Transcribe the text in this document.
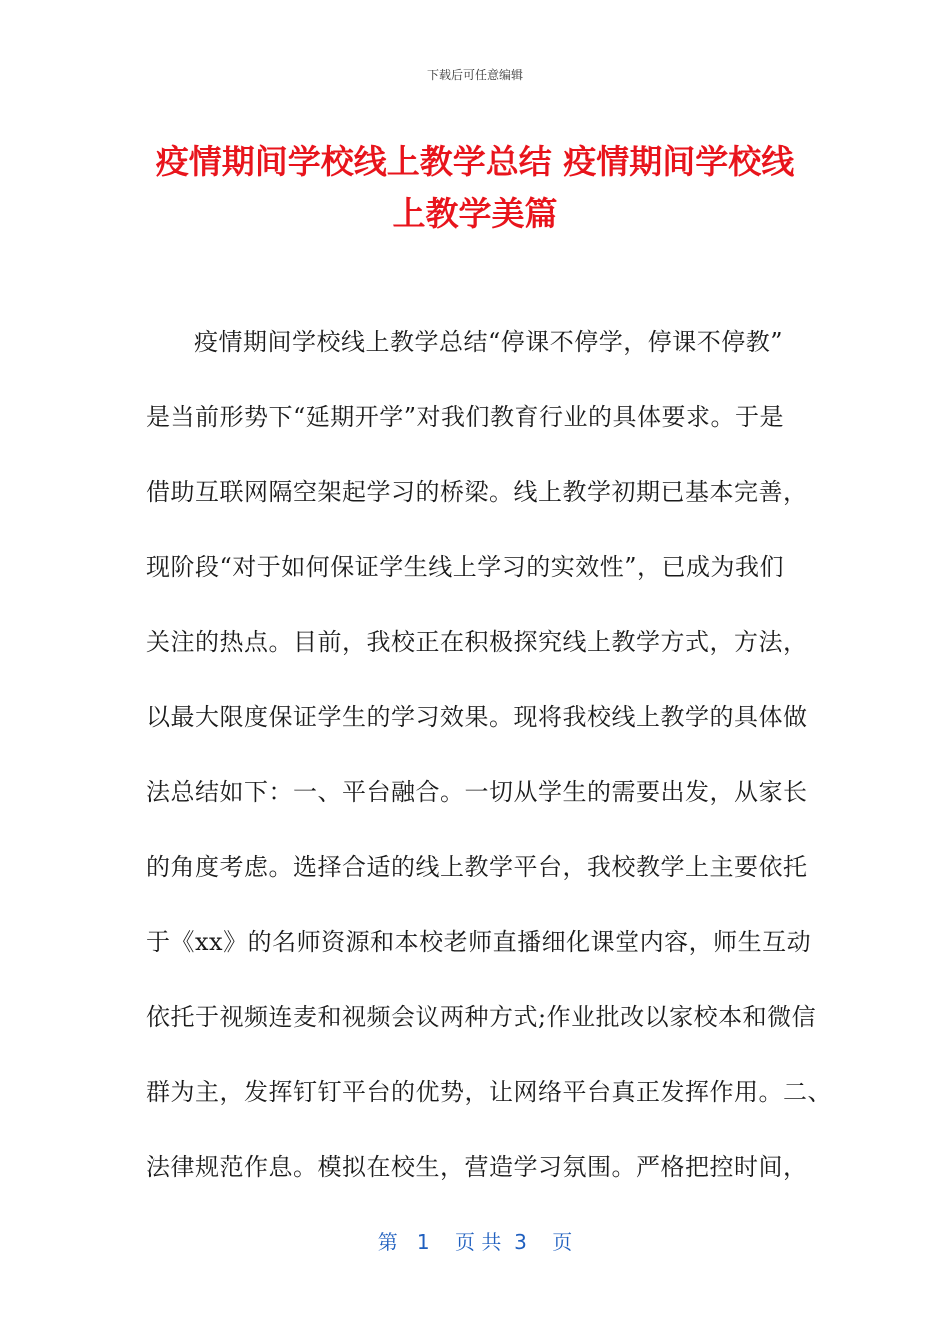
下载后可任意编辑
疫情期间学校线上教学总结 疫情期间学校线
上教学美篇
疫情期间学校线上教学总结“停课不停学，停课不停教”
是当前形势下“延期开学”对我们教育行业的具体要求。于是
借助互联网隔空架起学习的桥梁。线上教学初期已基本完善，
现阶段“对于如何保证学生线上学习的实效性”，已成为我们
关注的热点。目前，我校正在积极探究线上教学方式，方法，
以最大限度保证学生的学习效果。现将我校线上教学的具体做
法总结如下：一、平台融合。一切从学生的需要出发，从家长
的角度考虑。选择合适的线上教学平台，我校教学上主要依托
于《xx》的名师资源和本校老师直播细化课堂内容，师生互动
依托于视频连麦和视频会议两种方式;作业批改以家校本和微信
群为主，发挥钉钉平台的优势，让网络平台真正发挥作用。二、
法律规范作息。模拟在校生，营造学习氛围。严格把控时间，
第   1    页 共  3    页
